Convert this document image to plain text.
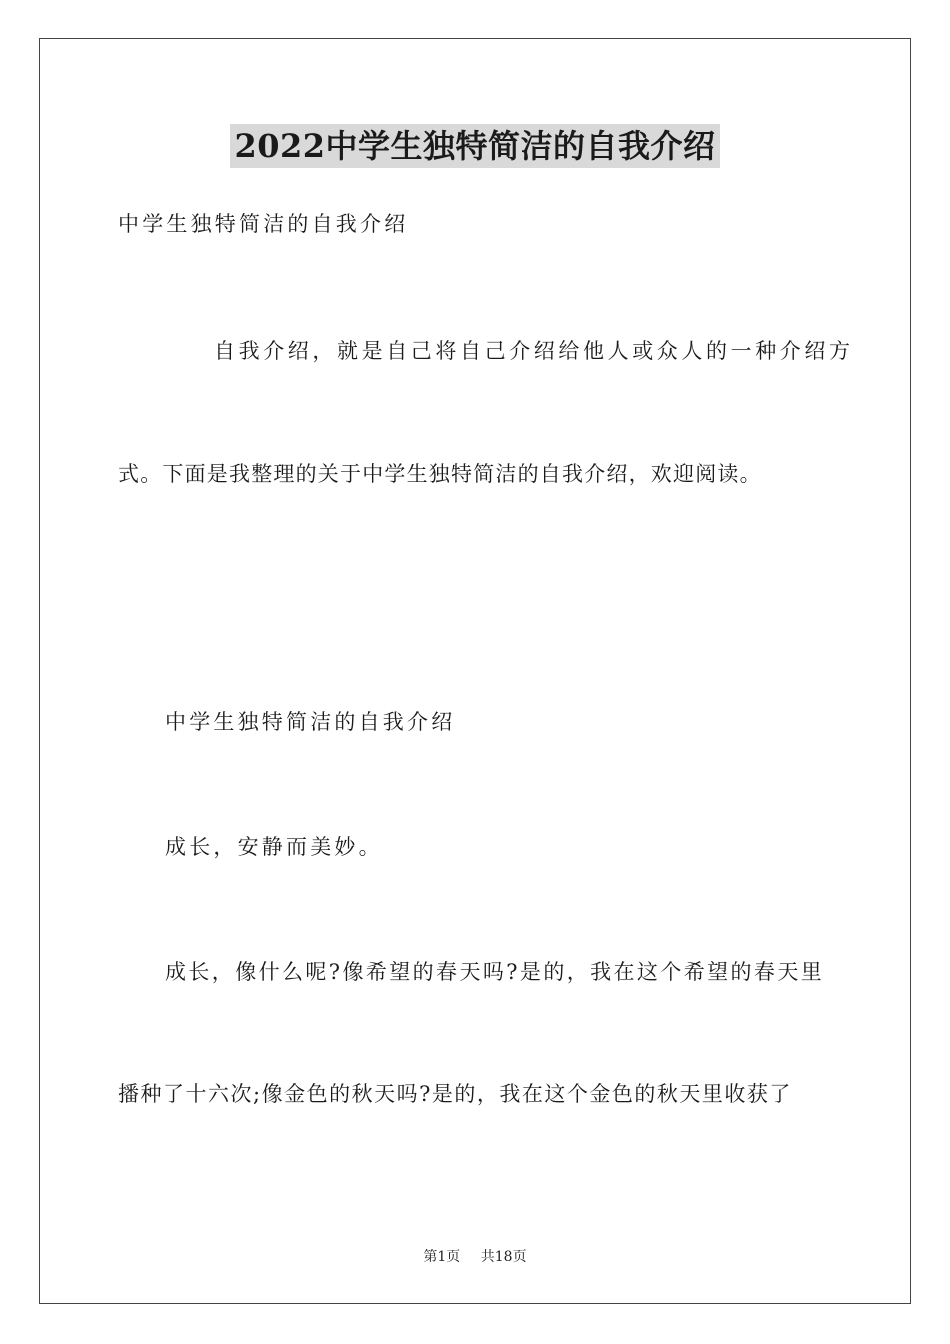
2022中学生独特简洁的自我介绍
中学生独特简洁的自我介绍
自我介绍，就是自己将自己介绍给他人或众人的一种介绍方
式。下面是我整理的关于中学生独特简洁的自我介绍，欢迎阅读。
中学生独特简洁的自我介绍
成长，安静而美妙。
成长，像什么呢?像希望的春天吗?是的，我在这个希望的春天里
播种了十六次;像金色的秋天吗?是的，我在这个金色的秋天里收获了
第1页 共18页
